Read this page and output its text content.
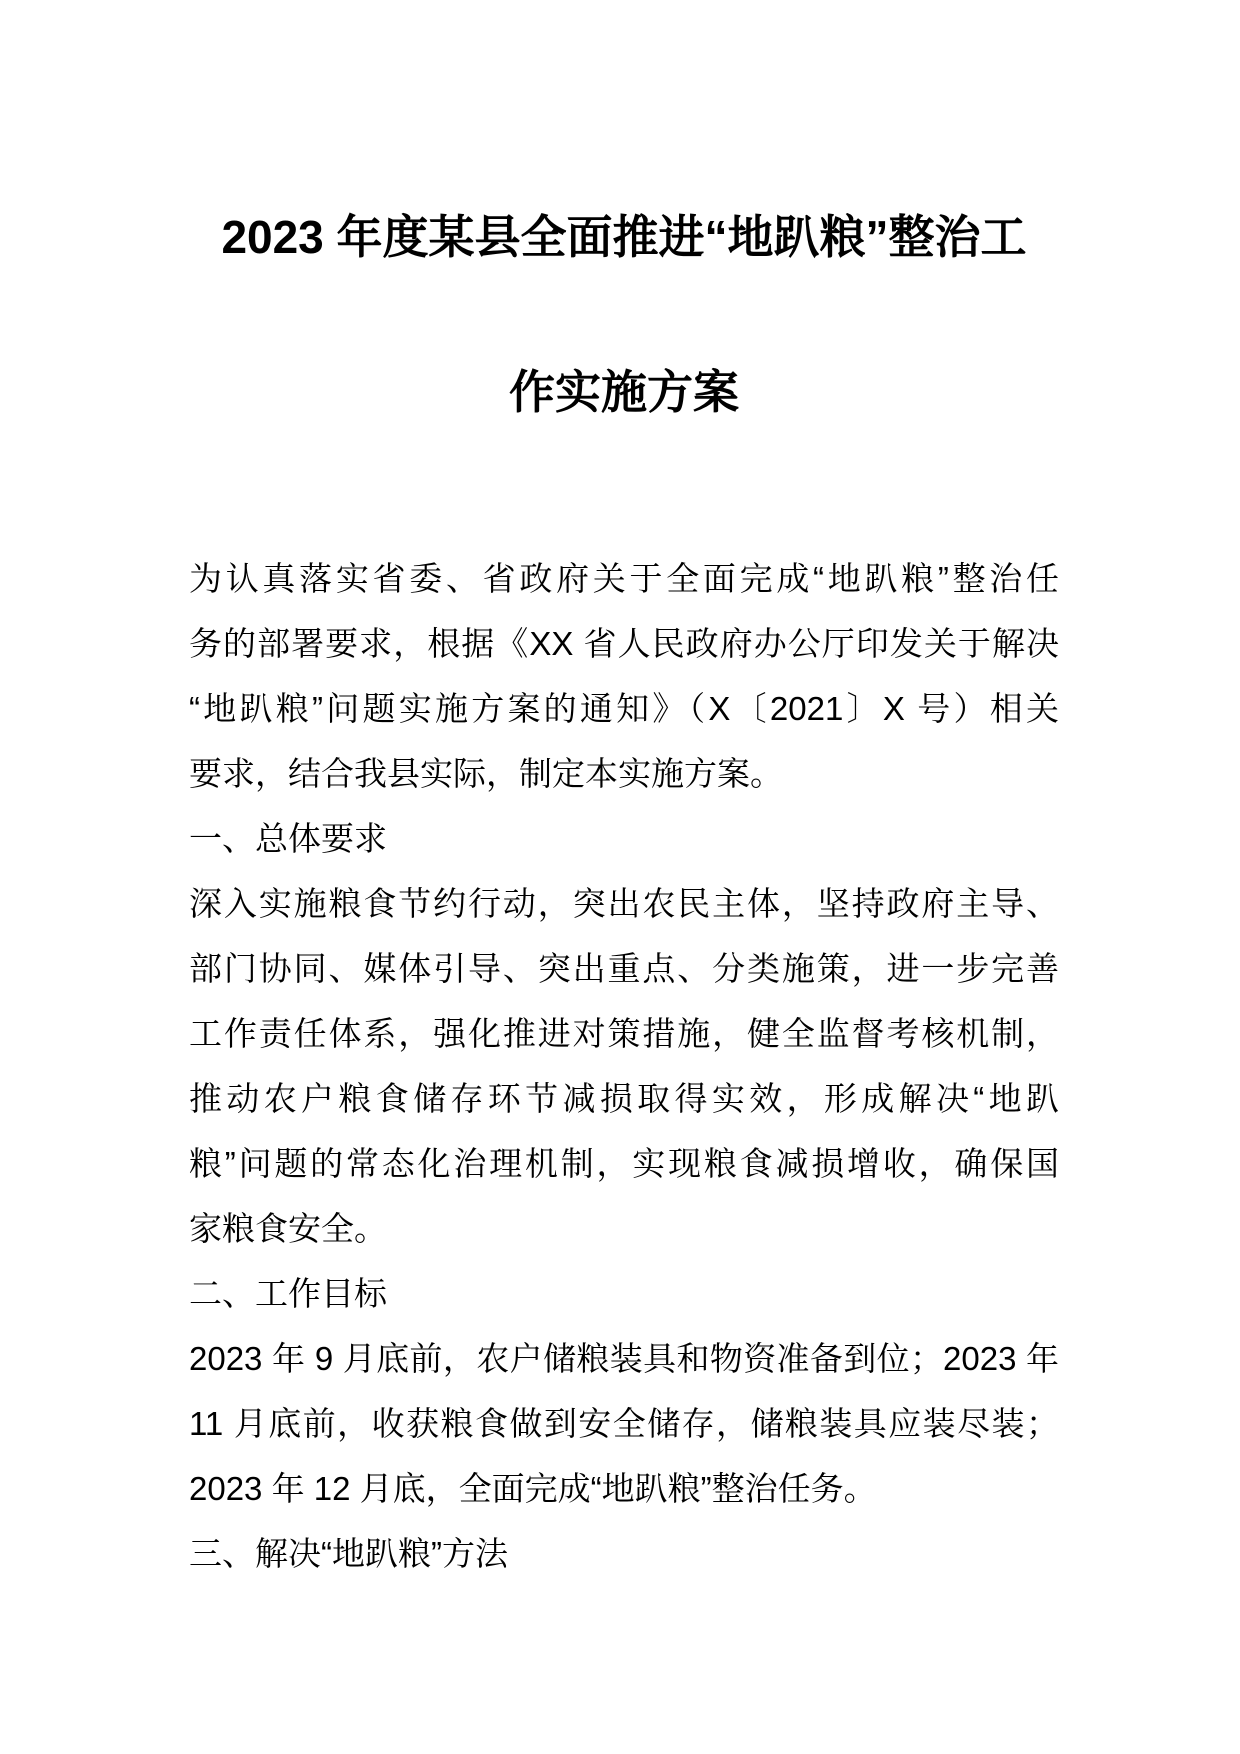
2023 年度某县全面推进“地趴粮”整治工
作实施方案
为认真落实省委、省政府关于全面完成“地趴粮”整治任
务的部署要求，根据《XX 省人民政府办公厅印发关于解决
“地趴粮”问题实施方案的通知》（X〔2021〕X 号）相关
要求，结合我县实际，制定本实施方案。
一、总体要求
深入实施粮食节约行动，突出农民主体，坚持政府主导、
部门协同、媒体引导、突出重点、分类施策，进一步完善
工作责任体系，强化推进对策措施，健全监督考核机制，
推动农户粮食储存环节减损取得实效，形成解决“地趴
粮”问题的常态化治理机制，实现粮食减损增收，确保国
家粮食安全。
二、工作目标
2023 年 9 月底前，农户储粮装具和物资准备到位；2023 年
11 月底前，收获粮食做到安全储存，储粮装具应装尽装；
2023 年 12 月底，全面完成“地趴粮”整治任务。
三、解决“地趴粮”方法
